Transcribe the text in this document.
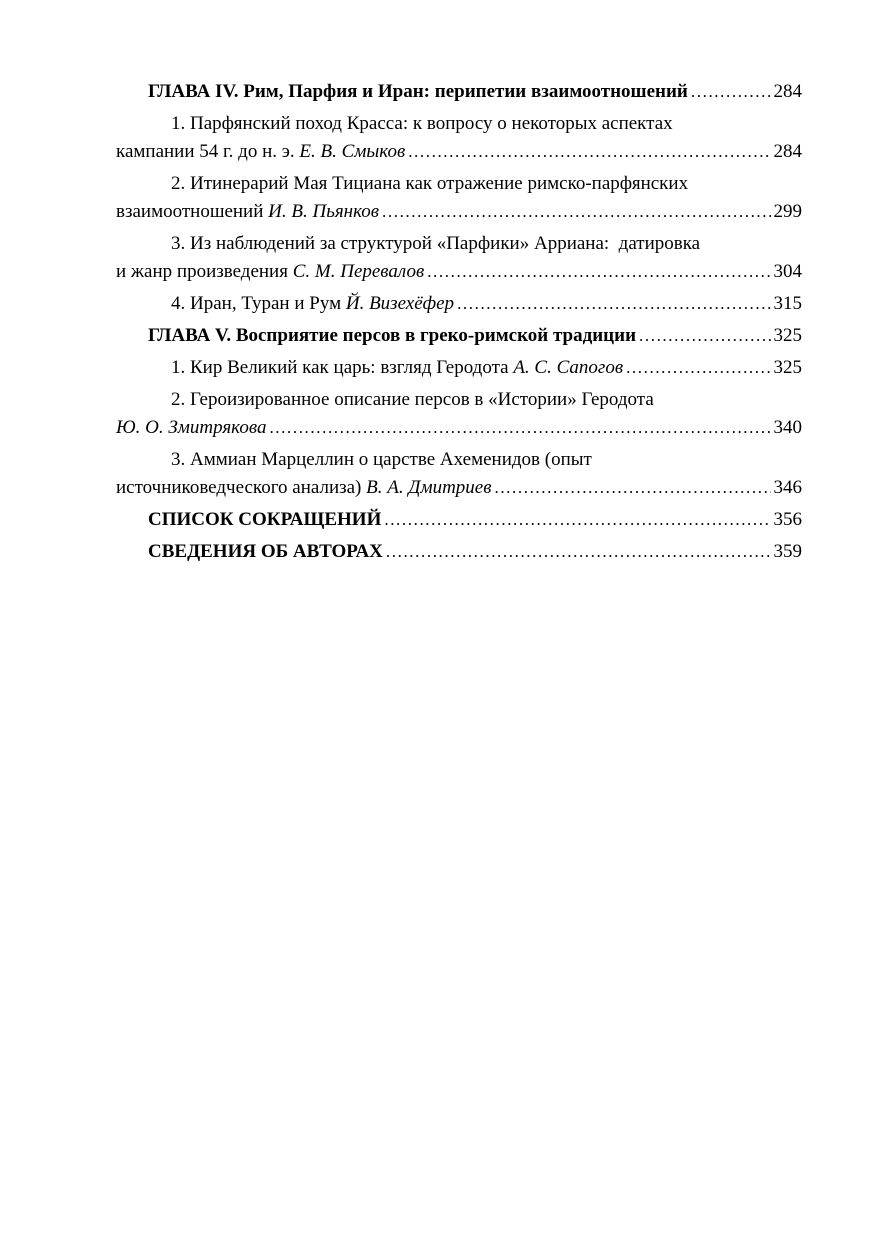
ГЛАВА IV. Рим, Парфия и Иран: перипетии взаимоотношений .....	284
1. Парфянский поход Красса: к вопросу о некоторых аспектах
кампании 54 г. до н. э.
Е. В. Смыков .....	284
2. Итинерарий Мая Тициана как отражение римско-парфянских
взаимоотношений
И. В. Пьянков .....	299
3. Из наблюдений за структурой «Парфики» Арриана:  датировка
и жанр произведения
С. М. Перевалов .....	304
4. Иран, Туран и Рум
Й. Визехёфер .....	315
ГЛАВА V. Восприятие персов в греко-римской традиции .....	325
1. Кир Великий как царь: взгляд Геродота
А. С. Сапогов .....	325
2. Героизированное описание персов в «Истории» Геродота
Ю. О. Змитрякова .....	340
3. Аммиан Марцеллин о царстве Ахеменидов (опыт
источниковедческого анализа)
В. А. Дмитриев .....	346
СПИСОК СОКРАЩЕНИЙ .....	356
СВЕДЕНИЯ ОБ АВТОРАХ .....	359
